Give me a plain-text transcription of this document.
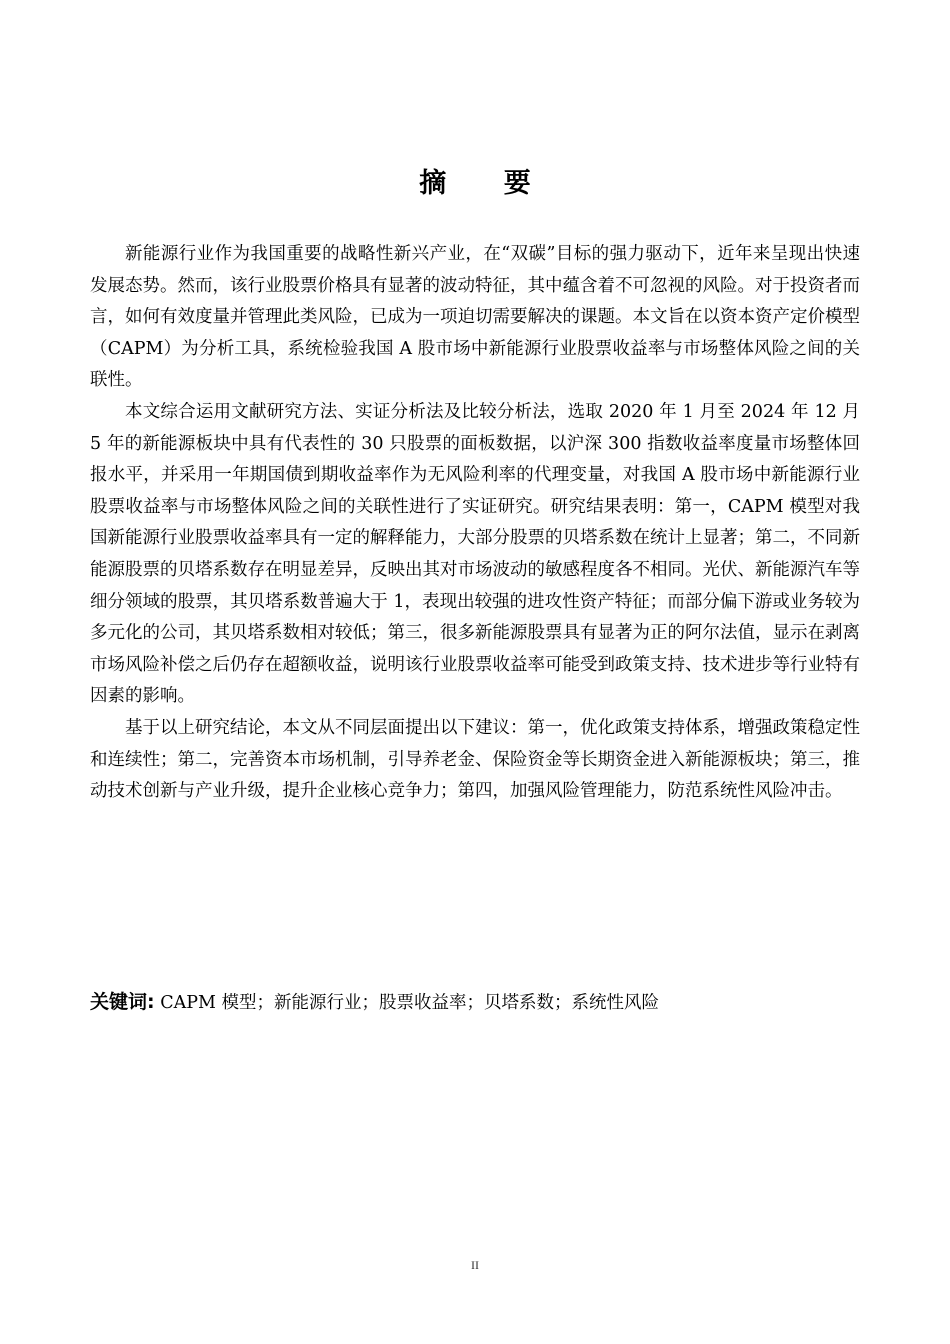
摘 要

新能源行业作为我国重要的战略性新兴产业，在“双碳”目标的强力驱动下，近年来呈现出快速发展态势。然而，该行业股票价格具有显著的波动特征，其中蕴含着不可忽视的风险。对于投资者而言，如何有效度量并管理此类风险，已成为一项迫切需要解决的课题。本文旨在以资本资产定价模型（CAPM）为分析工具，系统检验我国 A 股市场中新能源行业股票收益率与市场整体风险之间的关联性。

本文综合运用文献研究方法、实证分析法及比较分析法，选取 2020 年 1 月至 2024 年 12 月 5 年的新能源板块中具有代表性的 30 只股票的面板数据，以沪深 300 指数收益率度量市场整体回报水平，并采用一年期国债到期收益率作为无风险利率的代理变量，对我国 A 股市场中新能源行业股票收益率与市场整体风险之间的关联性进行了实证研究。研究结果表明：第一，CAPM 模型对我国新能源行业股票收益率具有一定的解释能力，大部分股票的贝塔系数在统计上显著；第二，不同新能源股票的贝塔系数存在明显差异，反映出其对市场波动的敏感程度各不相同。光伏、新能源汽车等细分领域的股票，其贝塔系数普遍大于 1，表现出较强的进攻性资产特征；而部分偏下游或业务较为多元化的公司，其贝塔系数相对较低；第三，很多新能源股票具有显著为正的阿尔法值，显示在剥离市场风险补偿之后仍存在超额收益，说明该行业股票收益率可能受到政策支持、技术进步等行业特有因素的影响。

基于以上研究结论，本文从不同层面提出以下建议：第一，优化政策支持体系，增强政策稳定性和连续性；第二，完善资本市场机制，引导养老金、保险资金等长期资金进入新能源板块；第三，推动技术创新与产业升级，提升企业核心竞争力；第四，加强风险管理能力，防范系统性风险冲击。

关键词: CAPM 模型；新能源行业；股票收益率；贝塔系数；系统性风险
II
